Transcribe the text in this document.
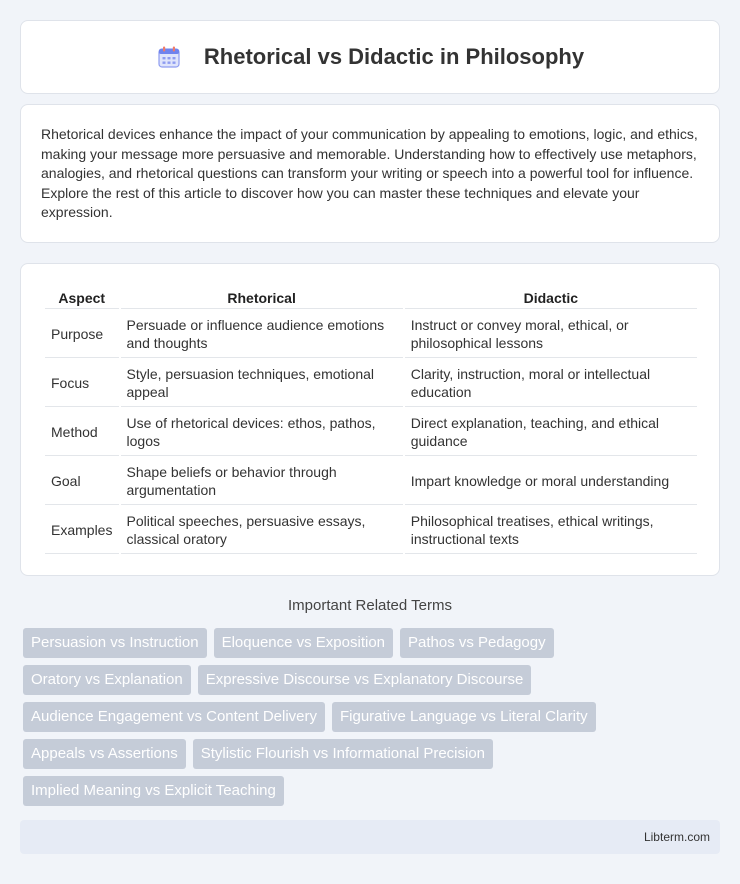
Rhetorical vs Didactic in Philosophy

Rhetorical devices enhance the impact of your communication by appealing to emotions, logic, and ethics, making your message more persuasive and memorable. Understanding how to effectively use metaphors, analogies, and rhetorical questions can transform your writing or speech into a powerful tool for influence. Explore the rest of this article to discover how you can master these techniques and elevate your expression.

Aspect	Rhetorical	Didactic
Purpose	Persuade or influence audience emotions and thoughts	Instruct or convey moral, ethical, or philosophical lessons
Focus	Style, persuasion techniques, emotional appeal	Clarity, instruction, moral or intellectual education
Method	Use of rhetorical devices: ethos, pathos, logos	Direct explanation, teaching, and ethical guidance
Goal	Shape beliefs or behavior through argumentation	Impart knowledge or moral understanding
Examples	Political speeches, persuasive essays, classical oratory	Philosophical treatises, ethical writings, instructional texts
Important Related Terms
Persuasion vs Instruction	Eloquence vs Exposition	Pathos vs Pedagogy
Oratory vs Explanation	Expressive Discourse vs Explanatory Discourse
Audience Engagement vs Content Delivery	Figurative Language vs Literal Clarity
Appeals vs Assertions	Stylistic Flourish vs Informational Precision
Implied Meaning vs Explicit Teaching
Libterm.com
